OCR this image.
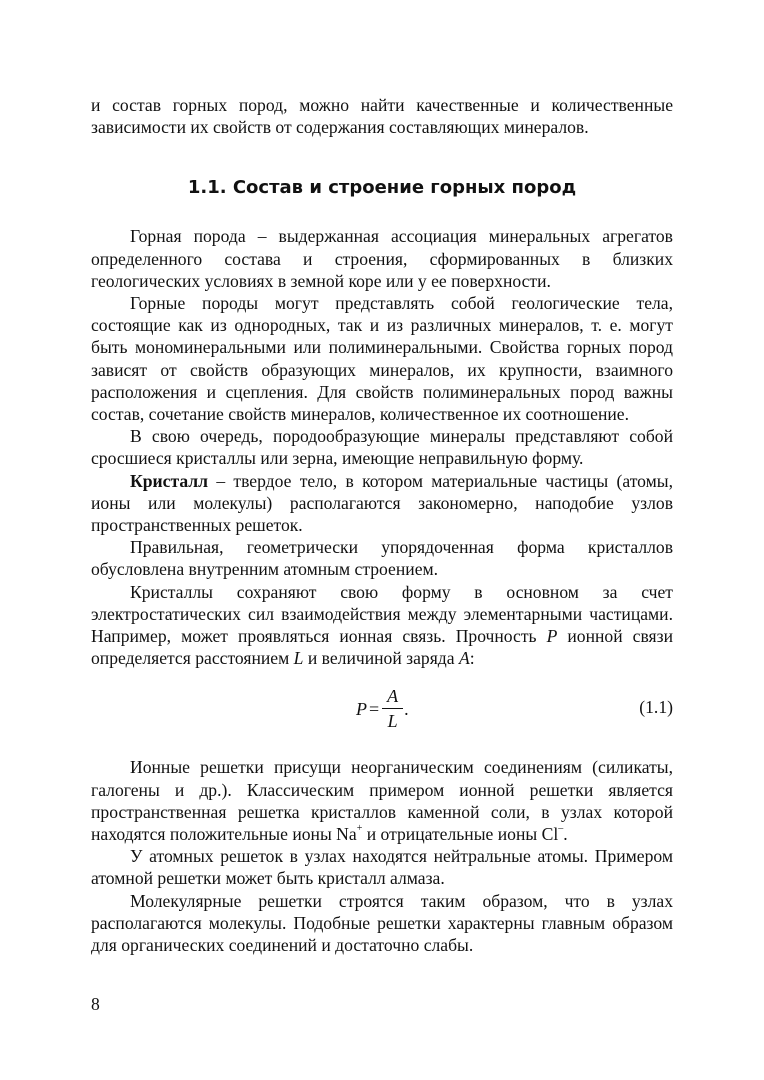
и состав горных пород, можно найти качественные и количественные зависимости их свойств от содержания составляющих минералов.

1.1. Состав и строение горных пород

Горная порода – выдержанная ассоциация минеральных агрегатов определенного состава и строения, сформированных в близких геологических условиях в земной коре или у ее поверхности.

Горные породы могут представлять собой геологические тела, состоящие как из однородных, так и из различных минералов, т. е. могут быть мономинеральными или полиминеральными. Свойства горных пород зависят от свойств образующих минералов, их крупности, взаимного расположения и сцепления. Для свойств полиминеральных пород важны состав, сочетание свойств минералов, количественное их соотношение.

В свою очередь, породообразующие минералы представляют собой сросшиеся кристаллы или зерна, имеющие неправильную форму.

Кристалл – твердое тело, в котором материальные частицы (атомы, ионы или молекулы) располагаются закономерно, наподобие узлов пространственных решеток.

Правильная, геометрически упорядоченная форма кристаллов обусловлена внутренним атомным строением.

Кристаллы сохраняют свою форму в основном за счет электростатических сил взаимодействия между элементарными частицами. Например, может проявляться ионная связь. Прочность P ионной связи определяется расстоянием L и величиной заряда A:

$P = \frac{A}{L}$ .	(1.1)

Ионные решетки присущи неорганическим соединениям (силикаты, галогены и др.). Классическим примером ионной решетки является пространственная решетка кристаллов каменной соли, в узлах которой находятся положительные ионы Na+ и отрицательные ионы Cl–.

У атомных решеток в узлах находятся нейтральные атомы. Примером атомной решетки может быть кристалл алмаза.

Молекулярные решетки строятся таким образом, что в узлах располагаются молекулы. Подобные решетки характерны главным образом для органических соединений и достаточно слабы.

8
